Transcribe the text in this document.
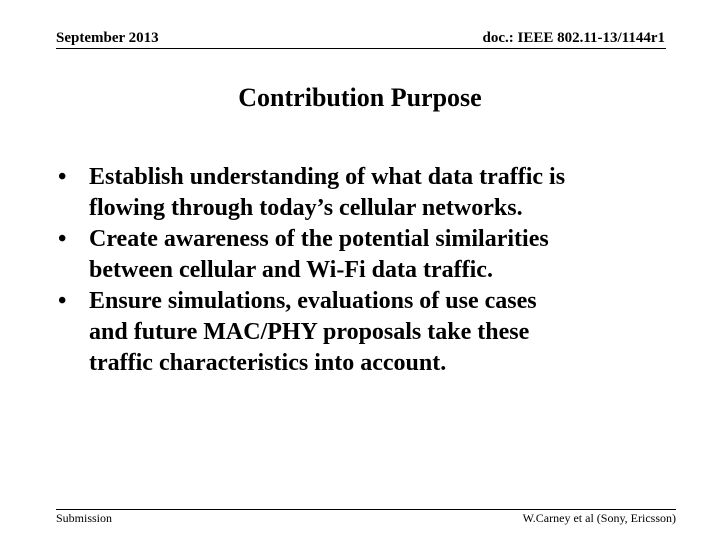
September 2013	doc.: IEEE 802.11-13/1144r1
Contribution Purpose
• Establish understanding of what data traffic is
flowing through today’s cellular networks.
• Create awareness of the potential similarities
between cellular and Wi-Fi data traffic.
• Ensure simulations, evaluations of use cases
and future MAC/PHY proposals take these
traffic characteristics into account.
Submission	W.Carney et al (Sony, Ericsson)
